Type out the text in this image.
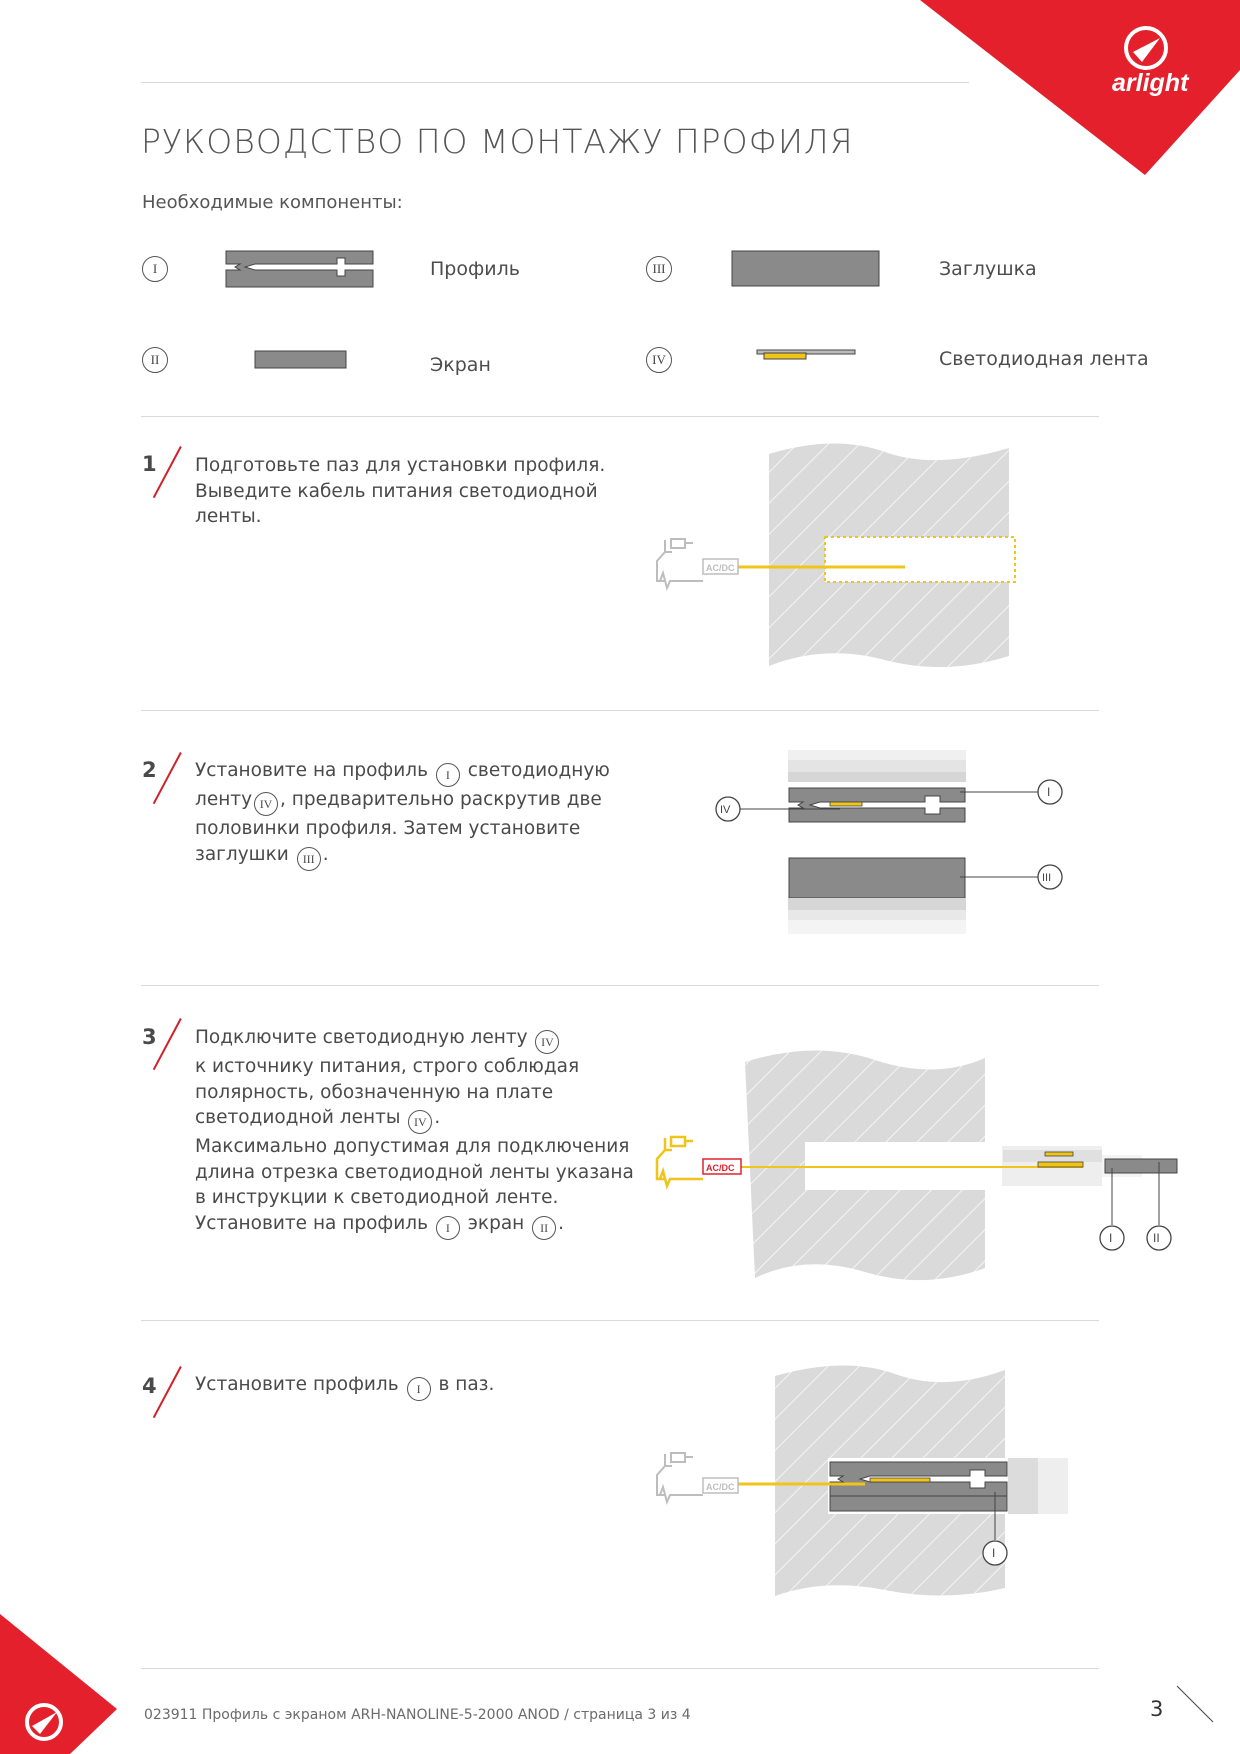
arlight
РУКОВОДСТВО ПО МОНТАЖУ ПРОФИЛЯ
Необходимые компоненты:
I	Профиль	III	Заглушка
II	Экран	IV	Светодиодная лента
1 Подготовьте паз для установки профиля.

Выведите кабель питания светодиодной

ленты.

AC/DC
2 Установите на профиль I светодиодную

ленту IV , предварительно раскрутив две

половинки профиля. Затем установите

заглушки III .

I
IV
III
3 Подключите светодиодную ленту IV

к источнику питания, строго соблюдая

полярность, обозначенную на плате

светодиодной ленты IV .

Максимально допустимая для подключения

длина отрезка светодиодной ленты указана

в инструкции к светодиодной ленте.

Установите на профиль I экран II .

AC/DC
I	II
4 Установите профиль I в паз.

AC/DC
I
023911 Профиль с экраном ARH-NANOLINE-5-2000 ANOD / страница 3 из 4	3
